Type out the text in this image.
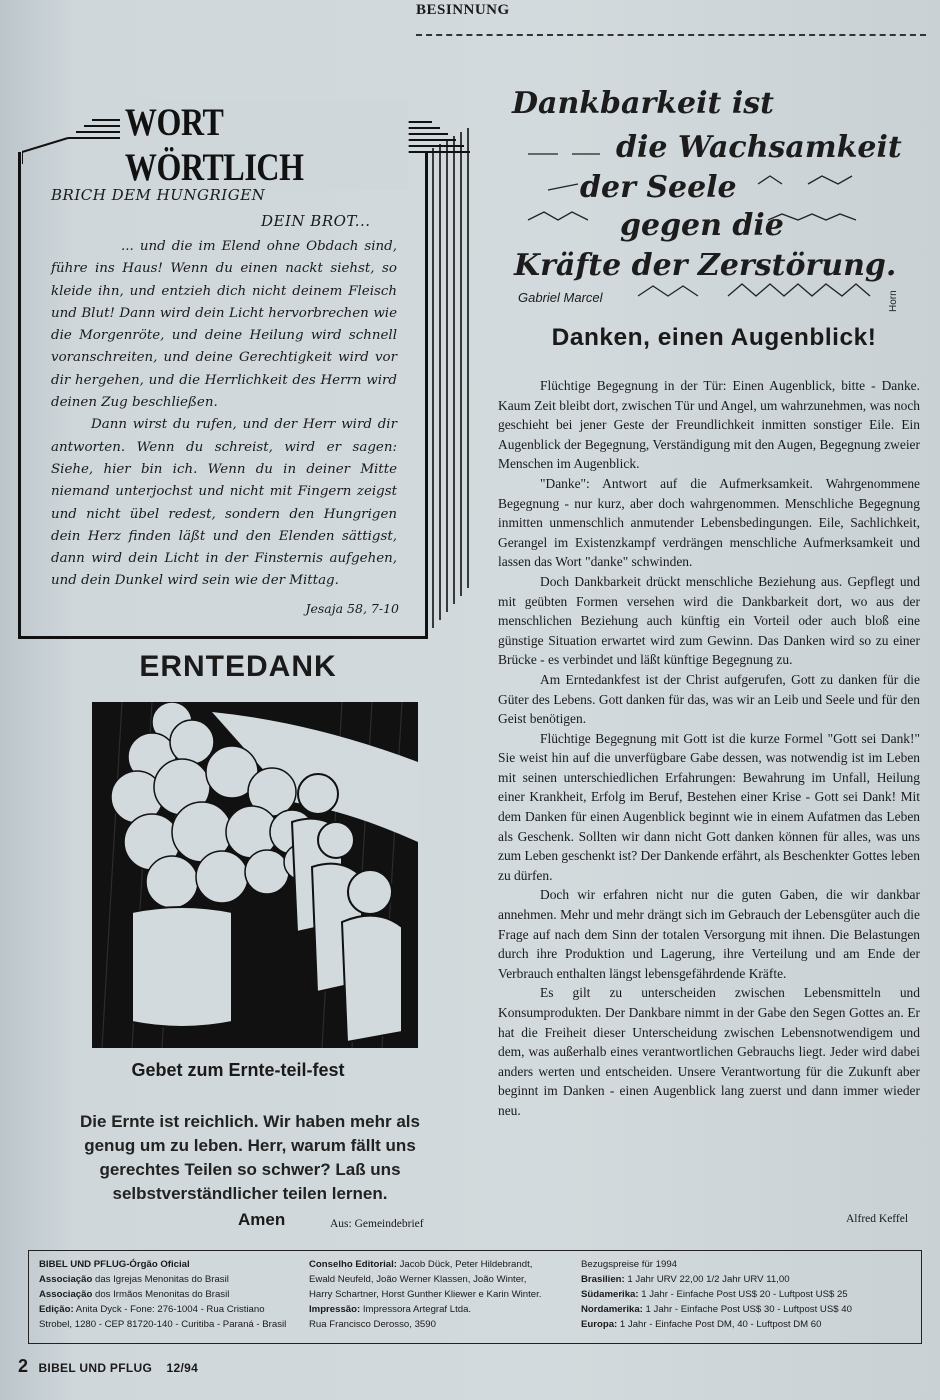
BESINNUNG
WORT WÖRTLICH
BRICH DEM HUNGRIGEN
DEIN BROT...

... und die im Elend ohne Obdach sind, führe ins Haus! Wenn du einen nackt siehst, so kleide ihn, und entzieh dich nicht deinem Fleisch und Blut! Dann wird dein Licht hervorbrechen wie die Morgenröte, und deine Heilung wird schnell voranschreiten, und deine Gerechtigkeit wird vor dir hergehen, und die Herrlichkeit des Herrn wird deinen Zug beschließen.

Dann wirst du rufen, und der Herr wird dir antworten. Wenn du schreist, wird er sagen: Siehe, hier bin ich. Wenn du in deiner Mitte niemand unterjochst und nicht mit Fingern zeigst und nicht übel redest, sondern den Hungrigen dein Herz finden läßt und den Elenden sättigst, dann wird dein Licht in der Finsternis aufgehen, und dein Dunkel wird sein wie der Mittag.

Jesaja 58, 7-10
ERNTEDANK
Gebet zum Ernte-teil-fest
Die Ernte ist reichlich. Wir haben mehr als genug um zu leben. Herr, warum fällt uns gerechtes Teilen so schwer? Laß uns selbstverständlicher teilen lernen.
Amen	Aus: Gemeindebrief
Dankbarkeit ist
die Wachsamkeit
der Seele
gegen die
Kräfte der Zerstörung.
Gabriel Marcel	Horn
Danken, einen Augenblick!

Flüchtige Begegnung in der Tür: Einen Augenblick, bitte - Danke. Kaum Zeit bleibt dort, zwischen Tür und Angel, um wahrzunehmen, was noch geschieht bei jener Geste der Freundlichkeit inmitten sonstiger Eile. Ein Augenblick der Begegnung, Verständigung mit den Augen, Begegnung zweier Menschen im Augenblick.

"Danke": Antwort auf die Aufmerksamkeit. Wahrgenommene Begegnung - nur kurz, aber doch wahrgenommen. Menschliche Begegnung inmitten unmenschlich anmutender Lebensbedingungen. Eile, Sachlichkeit, Gerangel im Existenzkampf verdrängen menschliche Aufmerksamkeit und lassen das Wort "danke" schwinden.

Doch Dankbarkeit drückt menschliche Beziehung aus. Gepflegt und mit geübten Formen versehen wird die Dankbarkeit dort, wo aus der menschlichen Beziehung auch künftig ein Vorteil oder auch bloß eine günstige Situation erwartet wird zum Gewinn. Das Danken wird so zu einer Brücke - es verbindet und läßt künftige Begegnung zu.

Am Erntedankfest ist der Christ aufgerufen, Gott zu danken für die Güter des Lebens. Gott danken für das, was wir an Leib und Seele und für den Geist benötigen.

Flüchtige Begegnung mit Gott ist die kurze Formel "Gott sei Dank!" Sie weist hin auf die unverfügbare Gabe dessen, was notwendig ist im Leben mit seinen unterschiedlichen Erfahrungen: Bewahrung im Unfall, Heilung einer Krankheit, Erfolg im Beruf, Bestehen einer Krise - Gott sei Dank! Mit dem Danken für einen Augenblick beginnt wie in einem Aufatmen das Leben als Geschenk. Sollten wir dann nicht Gott danken können für alles, was uns zum Leben geschenkt ist? Der Dankende erfährt, als Beschenkter Gottes leben zu dürfen.

Doch wir erfahren nicht nur die guten Gaben, die wir dankbar annehmen. Mehr und mehr drängt sich im Gebrauch der Lebensgüter auch die Frage auf nach dem Sinn der totalen Versorgung mit ihnen. Die Belastungen durch ihre Produktion und Lagerung, ihre Verteilung und am Ende der Verbrauch enthalten längst lebensgefährdende Kräfte.

Es gilt zu unterscheiden zwischen Lebensmitteln und Konsumprodukten. Der Dankbare nimmt in der Gabe den Segen Gottes an. Er hat die Freiheit dieser Unterscheidung zwischen Lebensnotwendigem und dem, was außerhalb eines verantwortlichen Gebrauchs liegt. Jeder wird dabei anders werten und entscheiden. Unsere Verantwortung für die Zukunft aber beginnt im Danken - einen Augenblick lang zuerst und dann immer wieder neu.

Alfred Keffel
BIBEL UND PFLUG-Órgão Oficial
Associação das Igrejas Menonitas do Brasil
Associação dos Irmãos Menonitas do Brasil
Edição: Anita Dyck - Fone: 276-1004 - Rua Cristiano
Strobel, 1280 - CEP 81720-140 - Curitiba - Paraná - Brasil
Conselho Editorial: Jacob Dück, Peter Hildebrandt,
Ewald Neufeld, João Werner Klassen, João Winter,
Harry Schartner, Horst Gunther Kliewer e Karin Winter.
Impressão: Impressora Artegraf Ltda.
Rua Francisco Derosso, 3590
Bezugspreise für 1994
Brasilien: 1 Jahr URV 22,00 1/2 Jahr URV 11,00
Südamerika: 1 Jahr - Einfache Post US$ 20 - Luftpost US$ 25
Nordamerika: 1 Jahr - Einfache Post US$ 30 - Luftpost US$ 40
Europa: 1 Jahr - Einfache Post DM, 40 - Luftpost DM 60
2 BIBEL UND PFLUG 12/94
